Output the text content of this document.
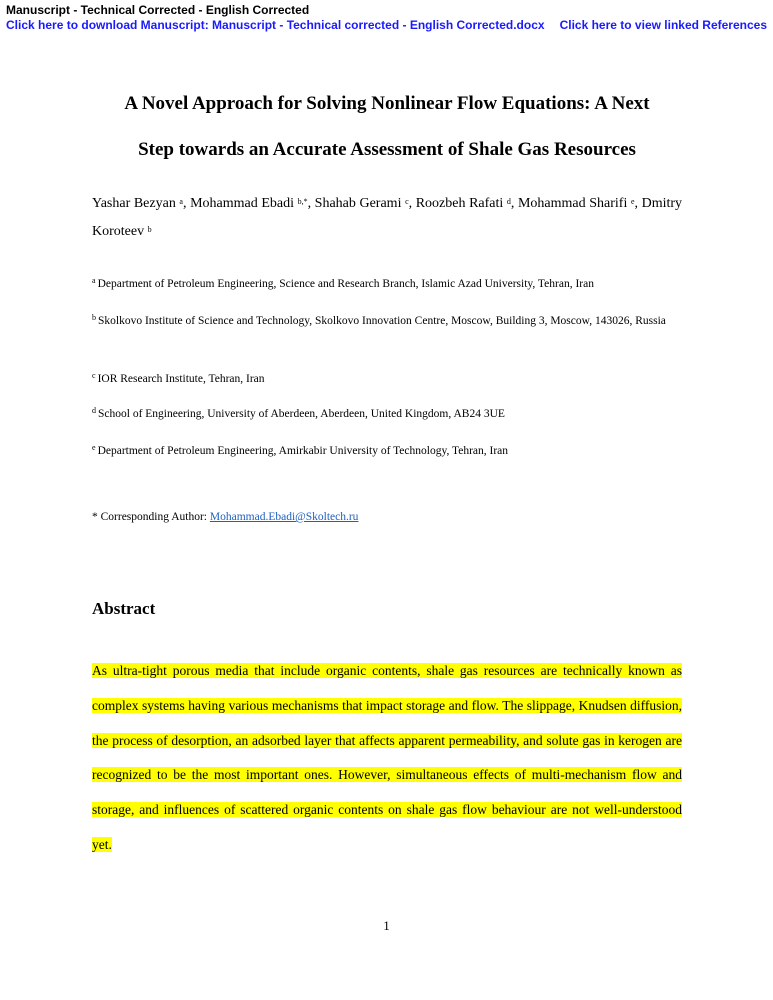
Manuscript - Technical Corrected - English Corrected
Click here to download Manuscript: Manuscript - Technical corrected - English Corrected.docx Click here to view linked References
A Novel Approach for Solving Nonlinear Flow Equations: A Next
Step towards an Accurate Assessment of Shale Gas Resources
Yashar Bezyan $^a$, Mohammad Ebadi $^{b,*}$, Shahab Gerami $^c$, Roozbeh Rafati $^d$, Mohammad Sharifi $^e$, Dmitry Koroteev $^b$
$^a$ Department of Petroleum Engineering, Science and Research Branch, Islamic Azad University, Tehran, Iran
$^b$ Skolkovo Institute of Science and Technology, Skolkovo Innovation Centre, Moscow, Building 3, Moscow, 143026, Russia
$^c$ IOR Research Institute, Tehran, Iran
$^d$ School of Engineering, University of Aberdeen, Aberdeen, United Kingdom, AB24 3UE
$^e$ Department of Petroleum Engineering, Amirkabir University of Technology, Tehran, Iran
* Corresponding Author: Mohammad.Ebadi@Skoltech.ru
Abstract
As ultra-tight porous media that include organic contents, shale gas resources are technically known as complex systems having various mechanisms that impact storage and flow. The slippage, Knudsen diffusion, the process of desorption, an adsorbed layer that affects apparent permeability, and solute gas in kerogen are recognized to be the most important ones. However, simultaneous effects of multi-mechanism flow and storage, and influences of scattered organic contents on shale gas flow behaviour are not well-understood yet.
1
